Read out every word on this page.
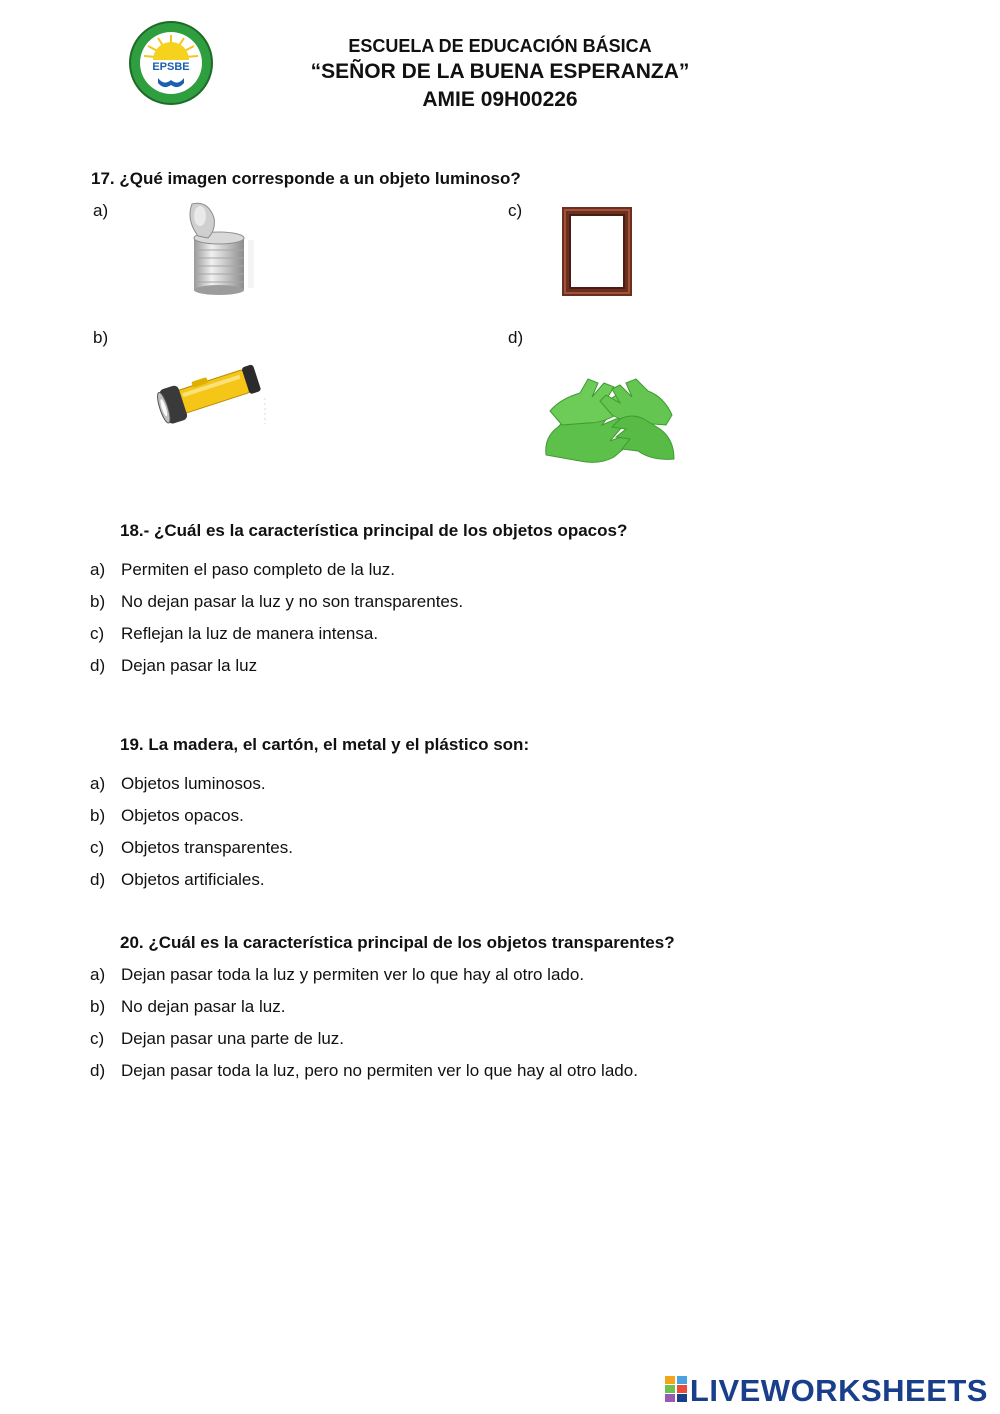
EPSBE
ESCUELA DE EDUCACIÓN BÁSICA
“SEÑOR DE LA BUENA ESPERANZA”
AMIE 09H00226
17. ¿Qué imagen corresponde a un objeto luminoso?
a)	c)
b)	d)
18.- ¿Cuál es la característica principal de los objetos opacos?
a) Permiten el paso completo de la luz.
b) No dejan pasar la luz y no son transparentes.
c) Reflejan la luz de manera intensa.
d) Dejan pasar la luz
19. La madera, el cartón, el metal y el plástico son:
a) Objetos luminosos.
b) Objetos opacos.
c) Objetos transparentes.
d) Objetos artificiales.
20. ¿Cuál es la característica principal de los objetos transparentes?
a) Dejan pasar toda la luz y permiten ver lo que hay al otro lado.
b) No dejan pasar la luz.
c) Dejan pasar una parte de luz.
d) Dejan pasar toda la luz, pero no permiten ver lo que hay al otro lado.
LIVEWORKSHEETS
